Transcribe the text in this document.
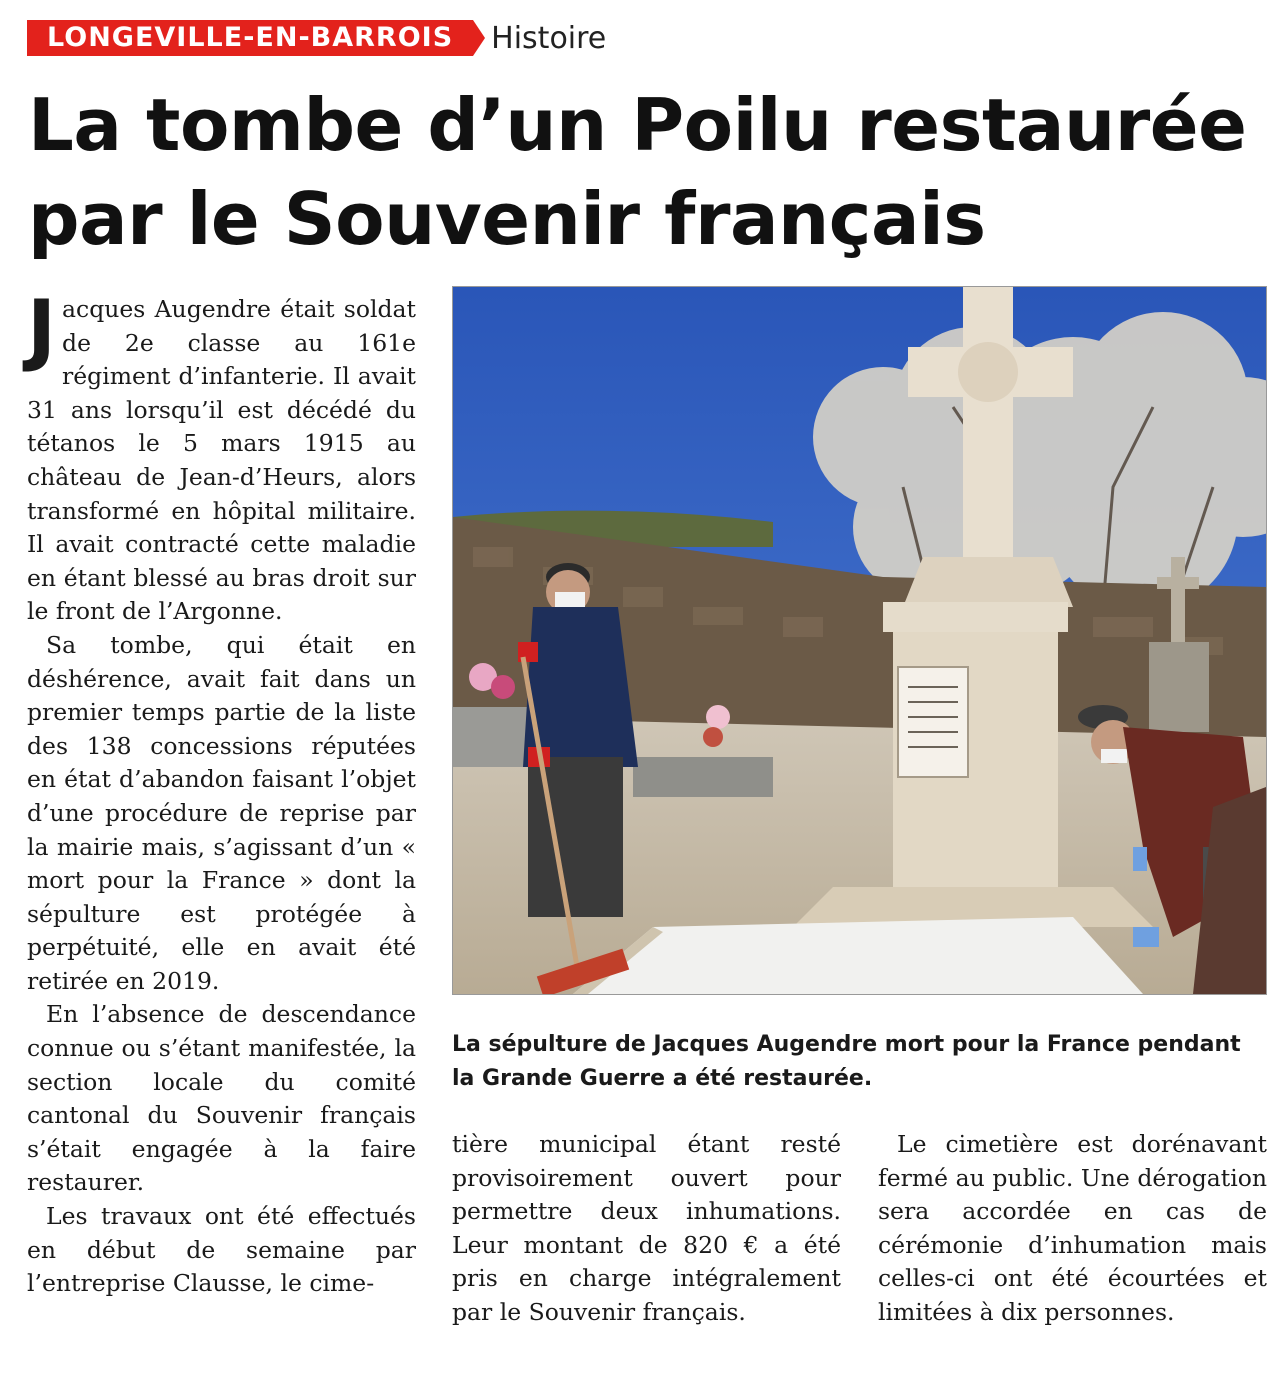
LONGEVILLE-EN-BARROIS	Histoire
La tombe d’un Poilu restaurée par le Souvenir français

Jacques Augendre était soldat de 2e classe au 161e régiment d’infanterie. Il avait 31 ans lorsqu’il est décédé du tétanos le 5 mars 1915 au château de Jean-d’Heurs, alors transformé en hôpital militaire. Il avait contracté cette maladie en étant blessé au bras droit sur le front de l’Argonne.

Sa tombe, qui était en déshérence, avait fait dans un premier temps partie de la liste des 138 concessions réputées en état d’abandon faisant l’objet d’une procédure de reprise par la mairie mais, s’agissant d’un « mort pour la France » dont la sépulture est protégée à perpétuité, elle en avait été retirée en 2019.

En l’absence de descendance connue ou s’étant manifestée, la section locale du comité cantonal du Souvenir français s’était engagée à la faire restaurer.

Les travaux ont été effectués en début de semaine par l’entreprise Clausse, le cime-

La sépulture de Jacques Augendre mort pour la France pendant la Grande Guerre a été restaurée.

tière municipal étant resté provisoirement ouvert pour permettre deux inhumations. Leur montant de 820 € a été pris en charge intégralement par le Souvenir français.

Le cimetière est dorénavant fermé au public. Une dérogation sera accordée en cas de cérémonie d’inhumation mais celles-ci ont été écourtées et limitées à dix personnes.
